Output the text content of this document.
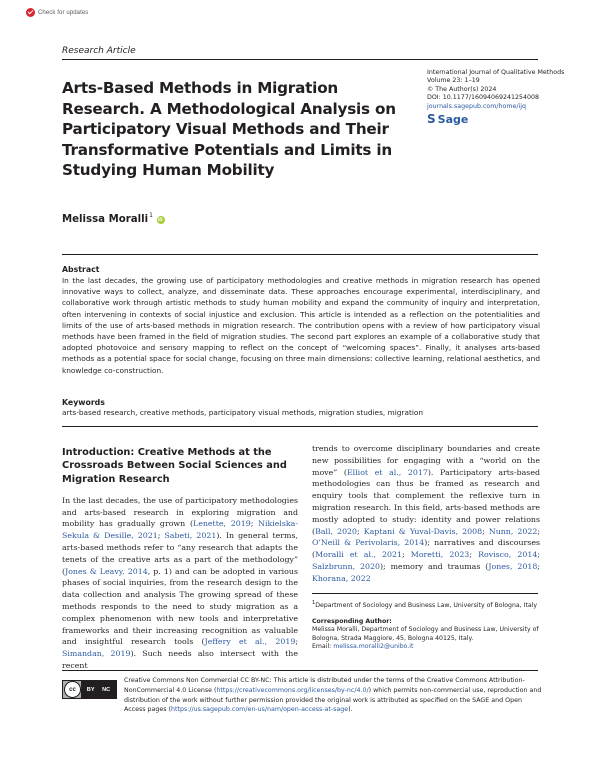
Check for updates
Research Article
Arts-Based Methods in Migration Research. A Methodological Analysis on Participatory Visual Methods and Their Transformative Potentials and Limits in Studying Human Mobility
International Journal of Qualitative Methods
Volume 23: 1–19
© The Author(s) 2024
DOI: 10.1177/16094069241254008
journals.sagepub.com/home/ijq
S Sage
Melissa Moralli$^1$
iD
Abstract

In the last decades, the growing use of participatory methodologies and creative methods in migration research has opened innovative ways to collect, analyze, and disseminate data. These approaches encourage experimental, interdisciplinary, and collaborative work through artistic methods to study human mobility and expand the community of inquiry and interpretation, often intervening in contexts of social injustice and exclusion. This article is intended as a reflection on the potentialities and limits of the use of arts-based methods in migration research. The contribution opens with a review of how participatory visual methods have been framed in the field of migration studies. The second part explores an example of a collaborative study that adopted photovoice and sensory mapping to reflect on the concept of “welcoming spaces”. Finally, it analyses arts-based methods as a potential space for social change, focusing on three main dimensions: collective learning, relational aesthetics, and knowledge co-construction.

Keywords
arts-based research, creative methods, participatory visual methods, migration studies, migration
Introduction: Creative Methods at the Crossroads Between Social Sciences and Migration Research

In the last decades, the use of participatory methodologies and arts-based research in exploring migration and mobility has gradually grown (Lenette, 2019; Nikielska-Sekula & Desille, 2021; Sabeti, 2021). In general terms, arts-based methods refer to “any research that adapts the tenets of the creative arts as a part of the methodology” (Jones & Leavy, 2014, p. 1) and can be adopted in various phases of social inquiries, from the research design to the data collection and analysis The growing spread of these methods responds to the need to study migration as a complex phenomenon with new tools and interpretative frameworks and their increasing recognition as valuable and insightful research tools (Jeffery et al., 2019; Simandan, 2019). Such needs also intersect with the recent

trends to overcome disciplinary boundaries and create new possibilities for engaging with a “world on the move” (Elliot et al., 2017). Participatory arts-based methodologies can thus be framed as research and enquiry tools that complement the reflexive turn in migration research. In this field, arts-based methods are mostly adopted to study: identity and power relations (Ball, 2020; Kaptani & Yuval-Davis, 2008; Nunn, 2022; O’Neill & Perivolaris, 2014); narratives and discourses (Moralli et al., 2021; Moretti, 2023; Rovisco, 2014; Salzbrunn, 2020); memory and traumas (Jones, 2018; Khorana, 2022

$^1$Department of Sociology and Business Law, University of Bologna, Italy
Corresponding Author:
Melissa Moralli, Department of Sociology and Business Law, University of Bologna, Strada Maggiore, 45, Bologna 40125, Italy.
Email: melissa.moralli2@unibo.it
cc	BY NC
Creative Commons Non Commercial CC BY-NC: This article is distributed under the terms of the Creative Commons Attribution-NonCommercial 4.0 License (https://creativecommons.org/licenses/by-nc/4.0/) which permits non-commercial use, reproduction and distribution of the work without further permission provided the original work is attributed as specified on the SAGE and Open Access pages (https://us.sagepub.com/en-us/nam/open-access-at-sage).
